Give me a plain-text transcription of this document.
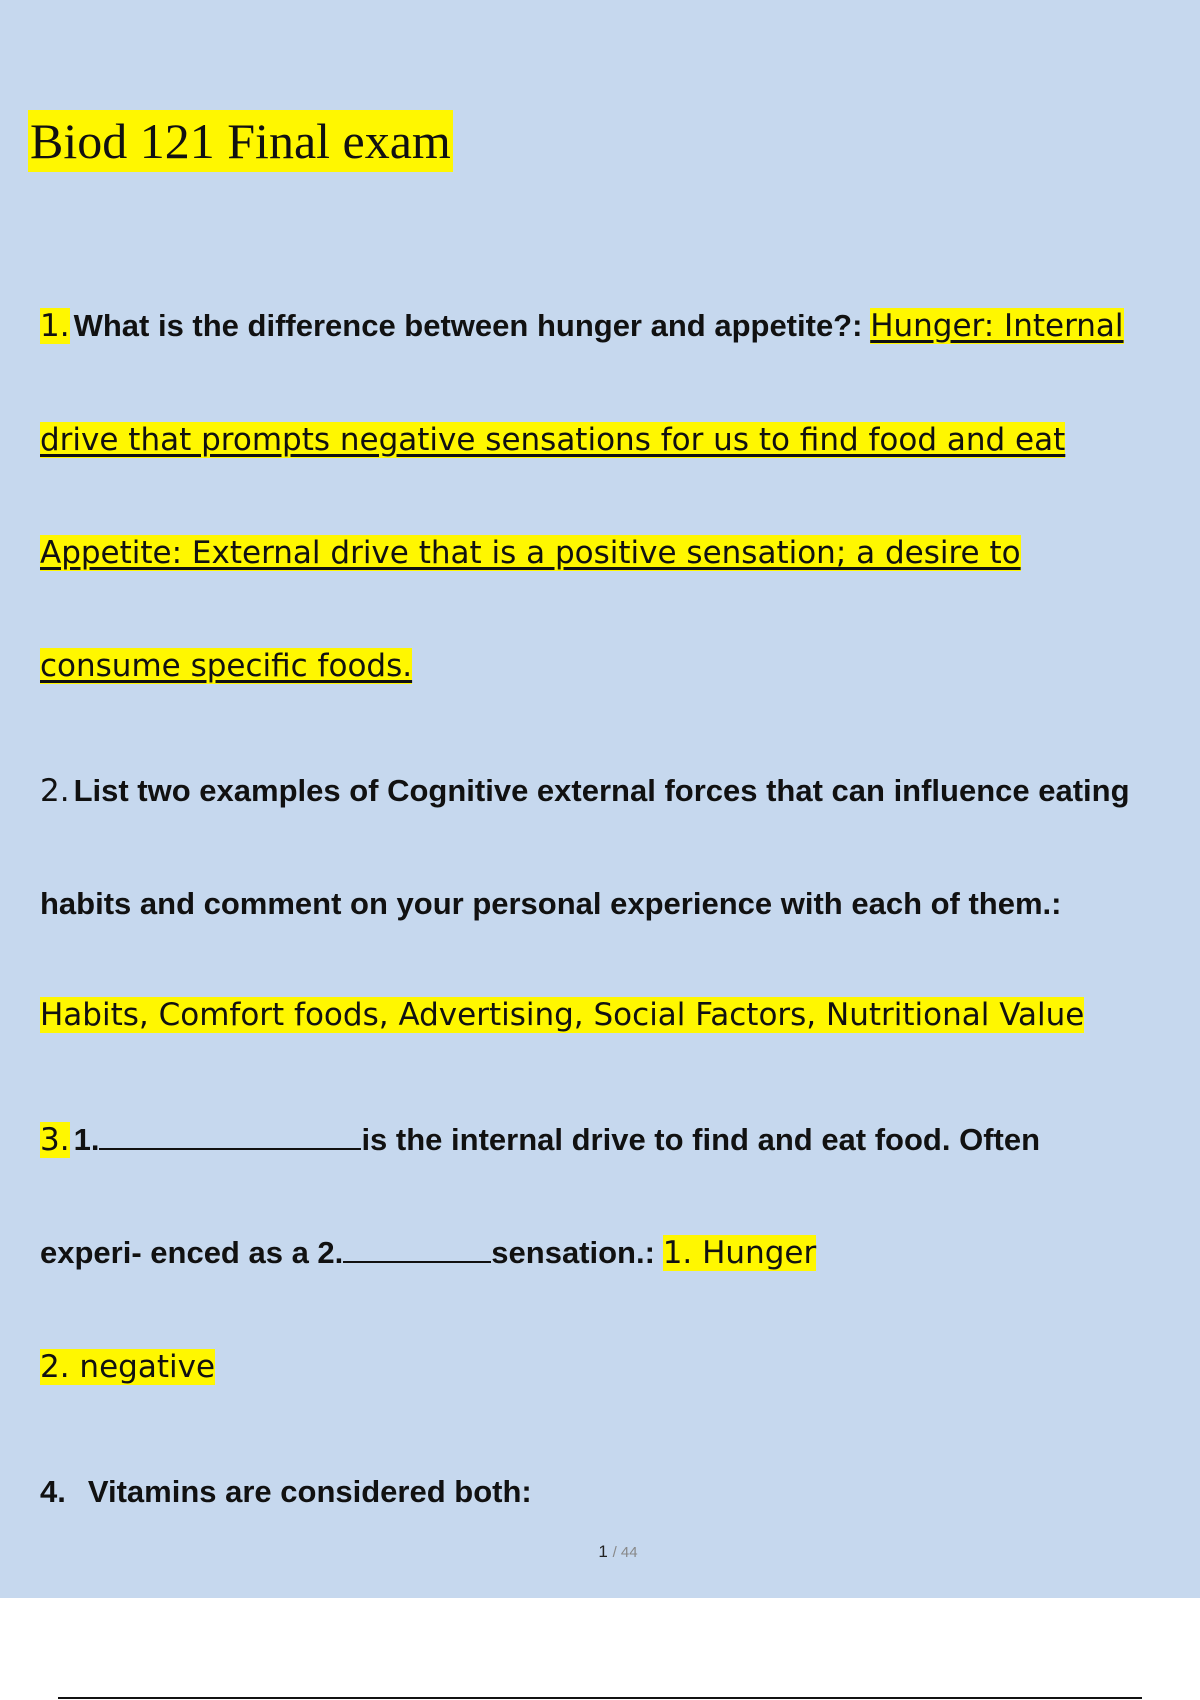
Biod 121 Final exam
1. What is the difference between hunger and appetite?: Hunger: Internal
drive that prompts negative sensations for us to find food and eat
Appetite: External drive that is a positive sensation; a desire to
consume specific foods.
2. List two examples of Cognitive external forces that can influence eating
habits and comment on your personal experience with each of them.:
Habits, Comfort foods, Advertising, Social Factors, Nutritional Value
3. 1.	is the internal drive to find and eat food. Often
experi- enced as a 2.	sensation.: 1. Hunger
2. negative
4. Vitamins are considered both:
1 / 44
